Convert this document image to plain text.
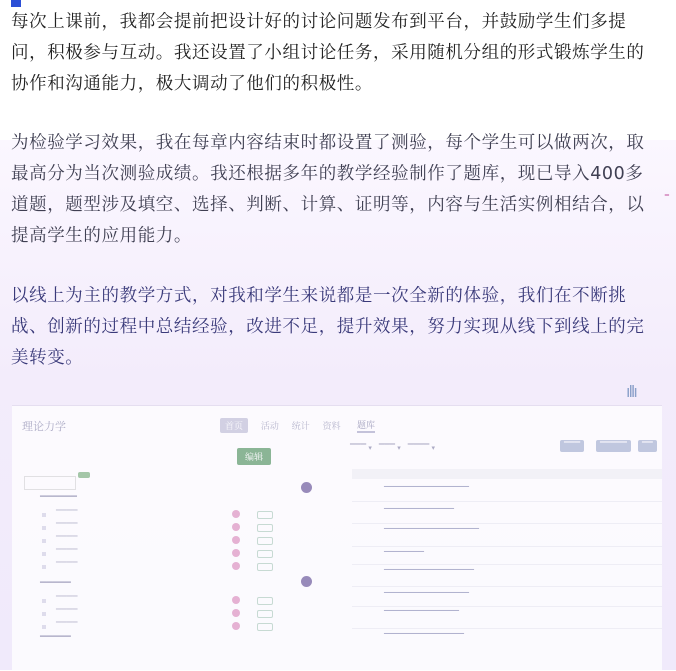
每次上课前，我都会提前把设计好的讨论问题发布到平台，并鼓励学生们多提问，积极参与互动。我还设置了小组讨论任务，采用随机分组的形式锻炼学生的协作和沟通能力，极大调动了他们的积极性。

为检验学习效果，我在每章内容结束时都设置了测验，每个学生可以做两次，取最高分为当次测验成绩。我还根据多年的教学经验制作了题库，现已导入400多道题，题型涉及填空、选择、判断、计算、证明等，内容与生活实例相结合，以提高学生的应用能力。

以线上为主的教学方式，对我和学生来说都是一次全新的体验，我们在不断挑战、创新的过程中总结经验，改进不足，提升效果，努力实现从线下到线上的完美转变。

⁼
ıllı
理论力学	首页 活动 统计 资料
编辑
▔▔▔▔▔▔
▔▔▔▔
▔▔▔▔
▔▔▔▔
▔▔▔▔
▔▔▔▔
▔▔▔▔▔
▔▔▔▔
▔▔▔▔
▔▔▔▔
▔▔▔▔▔
题库
▔▔▔ ▾　▔▔▔ ▾　▔▔▔▔ ▾	▔▔▔	▔▔▔▔▔	▔▔
▔▔▔▔▔▔▔▔▔▔▔▔▔▔▔▔▔
▔▔▔▔▔▔▔▔▔▔▔▔▔▔
▔▔▔▔▔▔▔▔▔▔▔▔▔▔▔▔▔▔▔
▔▔▔▔▔▔▔▔
▔▔▔▔▔▔▔▔▔▔▔▔▔▔▔▔▔▔
▔▔▔▔▔▔▔▔▔▔▔▔▔▔▔▔▔
▔▔▔▔▔▔▔▔▔▔▔▔▔▔▔
▔▔▔▔▔▔▔▔▔▔▔▔▔▔▔▔
